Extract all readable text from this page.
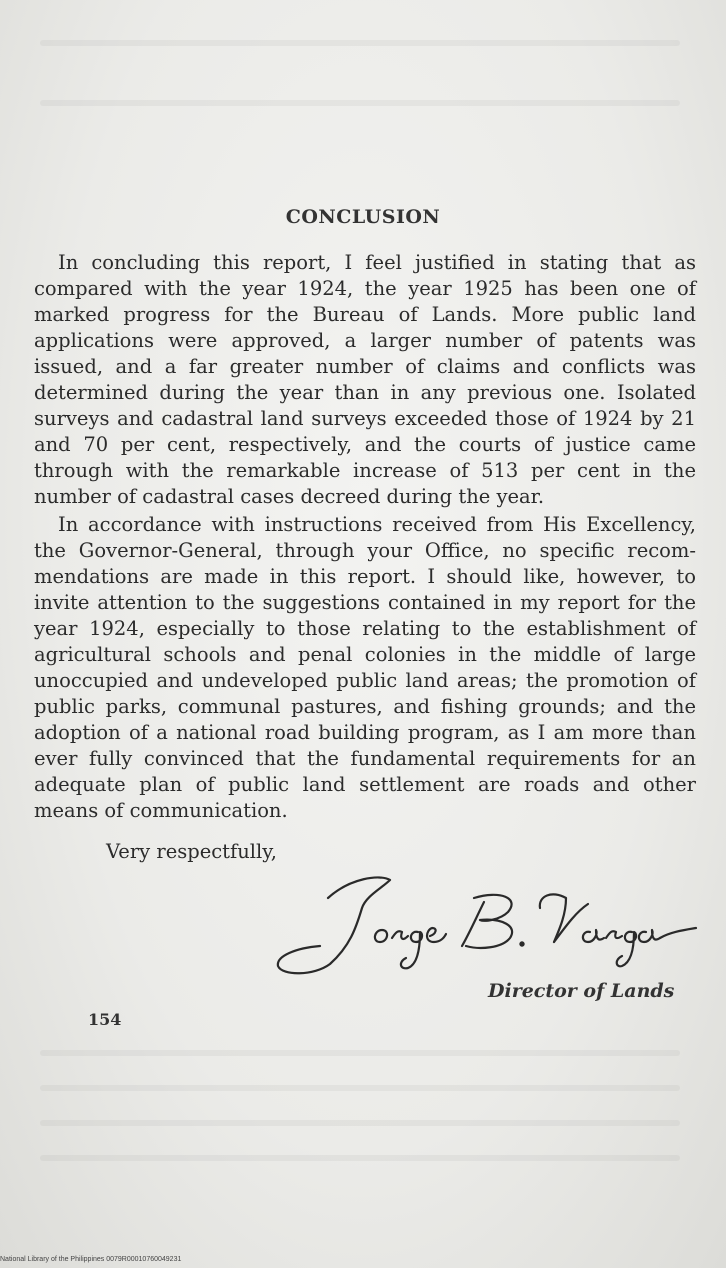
CONCLUSION

In concluding this report, I feel justified in stating that as compared with the year 1924, the year 1925 has been one of marked progress for the Bureau of Lands. More public land applications were approved, a larger number of patents was issued, and a far greater number of claims and conflicts was determined during the year than in any previous one. Isolated surveys and cadastral land surveys exceeded those of 1924 by 21 and 70 per cent, respectively, and the courts of justice came through with the remarkable increase of 513 per cent in the number of cadastral cases decreed during the year.

In accordance with instructions received from His Excellency, the Governor-General, through your Office, no specific recommendations are made in this report. I should like, however, to invite attention to the suggestions contained in my report for the year 1924, especially to those relating to the establishment of agricultural schools and penal colonies in the middle of large unoccupied and undeveloped public land areas; the promotion of public parks, communal pastures, and fishing grounds; and the adoption of a national road building program, as I am more than ever fully convinced that the fundamental requirements for an adequate plan of public land settlement are roads and other means of communication.

Very respectfully,
Director of Lands
154
National Library of the Philippines 0079R00010760049231
